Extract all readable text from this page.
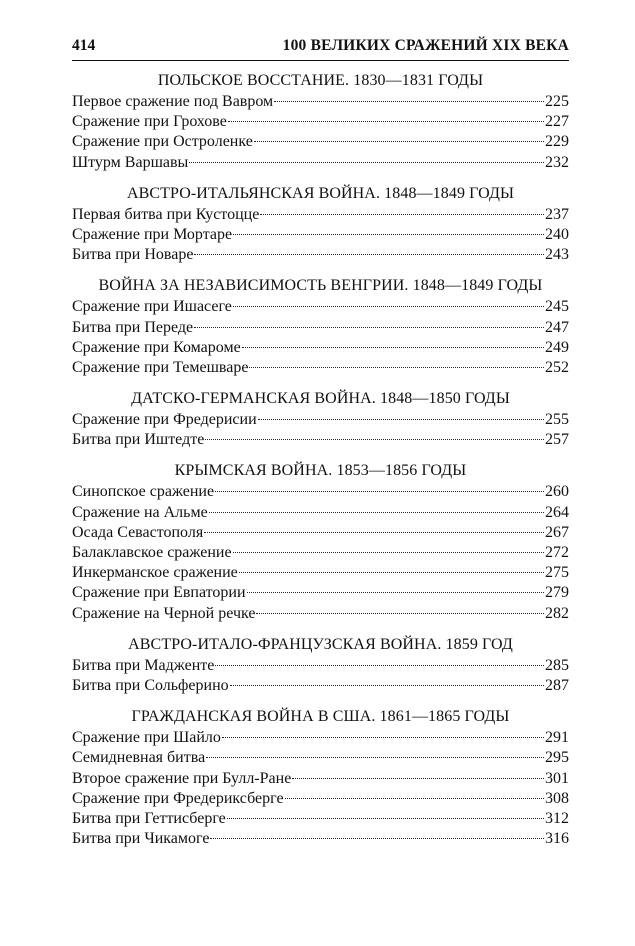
414	100 ВЕЛИКИХ СРАЖЕНИЙ XIX ВЕКА
ПОЛЬСКОЕ ВОССТАНИЕ. 1830—1831 ГОДЫ
Первое сражение под Вавром	225
Сражение при Грохове	227
Сражение при Остроленке	229
Штурм Варшавы	232
АВСТРО-ИТАЛЬЯНСКАЯ ВОЙНА. 1848—1849 ГОДЫ
Первая битва при Кустоцце	237
Сражение при Мортаре	240
Битва при Новаре	243
ВОЙНА ЗА НЕЗАВИСИМОСТЬ ВЕНГРИИ. 1848—1849 ГОДЫ
Сражение при Ишасеге	245
Битва при Переде	247
Сражение при Комароме	249
Сражение при Темешваре	252
ДАТСКО-ГЕРМАНСКАЯ ВОЙНА. 1848—1850 ГОДЫ
Сражение при Фредерисии	255
Битва при Иштедте	257
КРЫМСКАЯ ВОЙНА. 1853—1856 ГОДЫ
Синопское сражение	260
Сражение на Альме	264
Осада Севастополя	267
Балаклавское сражение	272
Инкерманское сражение	275
Сражение при Евпатории	279
Сражение на Черной речке	282
АВСТРО-ИТАЛО-ФРАНЦУЗСКАЯ ВОЙНА. 1859 ГОД
Битва при Мадженте	285
Битва при Сольферино	287
ГРАЖДАНСКАЯ ВОЙНА В США. 1861—1865 ГОДЫ
Сражение при Шайло	291
Семидневная битва	295
Второе сражение при Булл-Ране	301
Сражение при Фредериксберге	308
Битва при Геттисберге	312
Битва при Чикамоге	316
